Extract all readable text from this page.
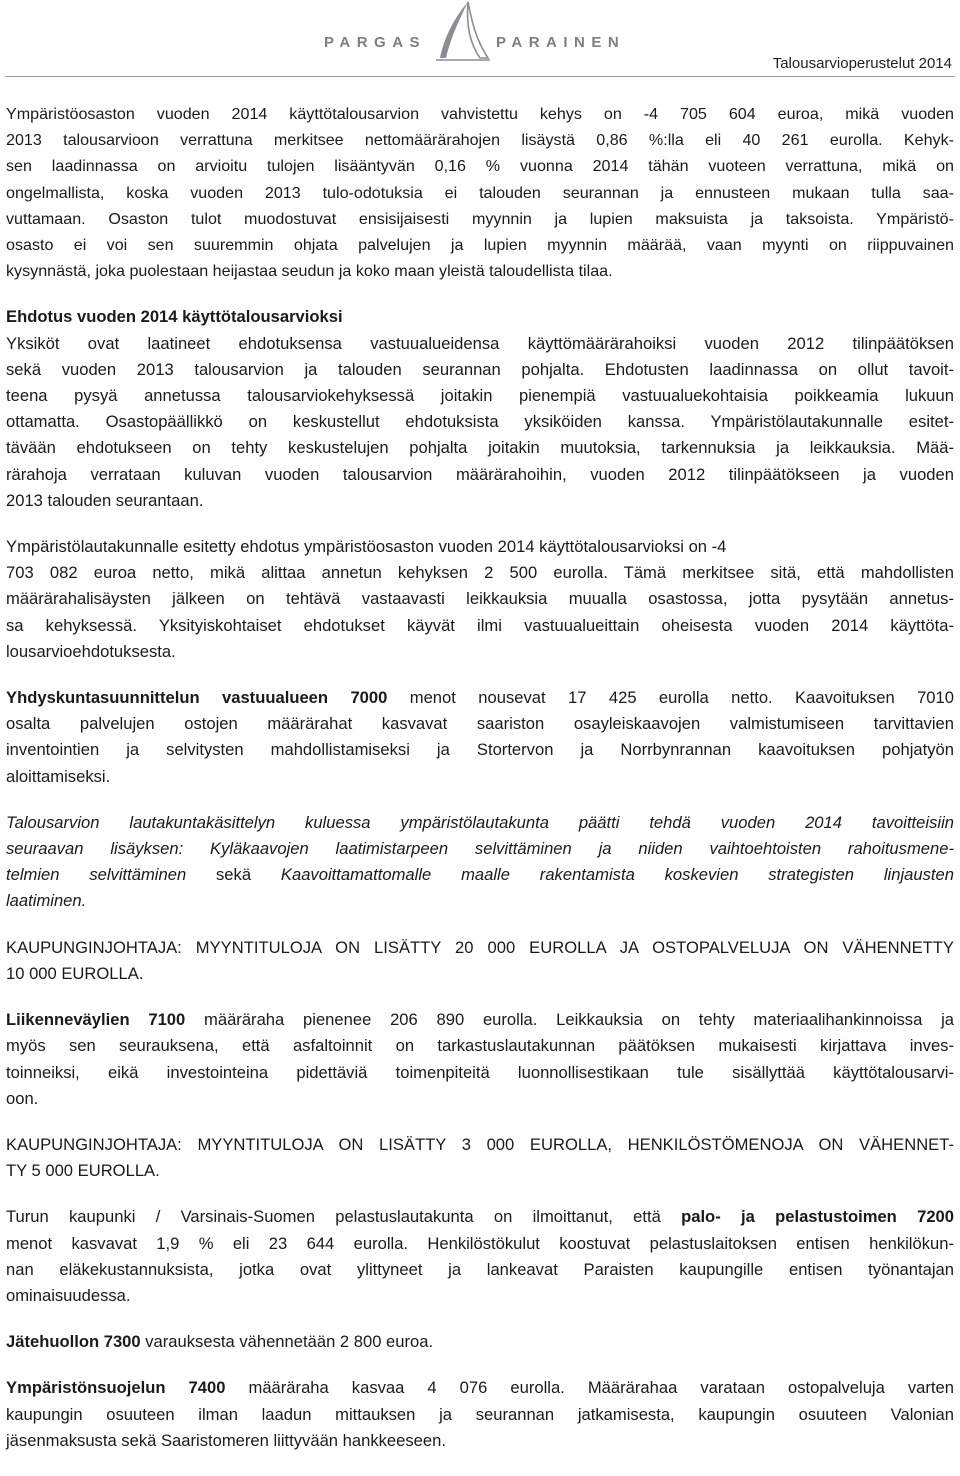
PARGAS	PARAINEN
Talousarvioperustelut 2014

Ympäristöosaston vuoden 2014 käyttötalousarvion vahvistettu kehys on -4 705 604 euroa, mikä vuoden
2013 talousarvioon verrattuna merkitsee nettomäärärahojen lisäystä 0,86 %:lla eli 40 261 eurolla. Kehyk-
sen laadinnassa on arvioitu tulojen lisääntyvän 0,16 % vuonna 2014 tähän vuoteen verrattuna, mikä on
ongelmallista, koska vuoden 2013 tulo-odotuksia ei talouden seurannan ja ennusteen mukaan tulla saa-
vuttamaan. Osaston tulot muodostuvat ensisijaisesti myynnin ja lupien maksuista ja taksoista. Ympäristö-
osasto ei voi sen suuremmin ohjata palvelujen ja lupien myynnin määrää, vaan myynti on riippuvainen
kysynnästä, joka puolestaan heijastaa seudun ja koko maan yleistä taloudellista tilaa.

Ehdotus vuoden 2014 käyttötalousarvioksi
Yksiköt ovat laatineet ehdotuksensa vastuualueidensa käyttömäärärahoiksi vuoden 2012 tilinpäätöksen
sekä vuoden 2013 talousarvion ja talouden seurannan pohjalta. Ehdotusten laadinnassa on ollut tavoit-
teena pysyä annetussa talousarviokehyksessä joitakin pienempiä vastuualuekohtaisia poikkeamia lukuun
ottamatta. Osastopäällikkö on keskustellut ehdotuksista yksiköiden kanssa. Ympäristölautakunnalle esitet-
tävään ehdotukseen on tehty keskustelujen pohjalta joitakin muutoksia, tarkennuksia ja leikkauksia. Mää-
rärahoja verrataan kuluvan vuoden talousarvion määrärahoihin, vuoden 2012 tilinpäätökseen ja vuoden
2013 talouden seurantaan.

Ympäristölautakunnalle esitetty ehdotus ympäristöosaston vuoden 2014 käyttötalousarvioksi on -4
703 082 euroa netto, mikä alittaa annetun kehyksen 2 500 eurolla. Tämä merkitsee sitä, että mahdollisten
määrärahalisäysten jälkeen on tehtävä vastaavasti leikkauksia muualla osastossa, jotta pysytään annetus-
sa kehyksessä. Yksityiskohtaiset ehdotukset käyvät ilmi vastuualueittain oheisesta vuoden 2014 käyttöta-
lousarvioehdotuksesta.

Yhdyskuntasuunnittelun vastuualueen 7000 menot nousevat 17 425 eurolla netto. Kaavoituksen 7010
osalta palvelujen ostojen määrärahat kasvavat saariston osayleiskaavojen valmistumiseen tarvittavien
inventointien ja selvitysten mahdollistamiseksi ja Stortervon ja Norrbynrannan kaavoituksen pohjatyön
aloittamiseksi.

Talousarvion lautakuntakäsittelyn kuluessa ympäristölautakunta päätti tehdä vuoden 2014 tavoitteisiin
seuraavan lisäyksen: Kyläkaavojen laatimistarpeen selvittäminen ja niiden vaihtoehtoisten rahoitusmene-
telmien selvittäminen sekä Kaavoittamattomalle maalle rakentamista koskevien strategisten linjausten
laatiminen.

KAUPUNGINJOHTAJA: MYYNTITULOJA ON LISÄTTY 20 000 EUROLLA JA OSTOPALVELUJA ON VÄHENNETTY
10 000 EUROLLA.

Liikenneväylien 7100 määräraha pienenee 206 890 eurolla. Leikkauksia on tehty materiaalihankinnoissa ja
myös sen seurauksena, että asfaltoinnit on tarkastuslautakunnan päätöksen mukaisesti kirjattava inves-
toinneiksi, eikä investointeina pidettäviä toimenpiteitä luonnollisestikaan tule sisällyttää käyttötalousarvi-
oon.

KAUPUNGINJOHTAJA: MYYNTITULOJA ON LISÄTTY 3 000 EUROLLA, HENKILÖSTÖMENOJA ON VÄHENNET-
TY 5 000 EUROLLA.

Turun kaupunki / Varsinais-Suomen pelastuslautakunta on ilmoittanut, että palo- ja pelastustoimen 7200
menot kasvavat 1,9 % eli 23 644 eurolla. Henkilöstökulut koostuvat pelastuslaitoksen entisen henkilökun-
nan eläkekustannuksista, jotka ovat ylittyneet ja lankeavat Paraisten kaupungille entisen työnantajan
ominaisuudessa.

Jätehuollon 7300 varauksesta vähennetään 2 800 euroa.

Ympäristönsuojelun 7400 määräraha kasvaa 4 076 eurolla. Määrärahaa varataan ostopalveluja varten
kaupungin osuuteen ilman laadun mittauksen ja seurannan jatkamisesta, kaupungin osuuteen Valonian
jäsenmaksusta sekä Saaristomeren liittyvään hankkeeseen.
